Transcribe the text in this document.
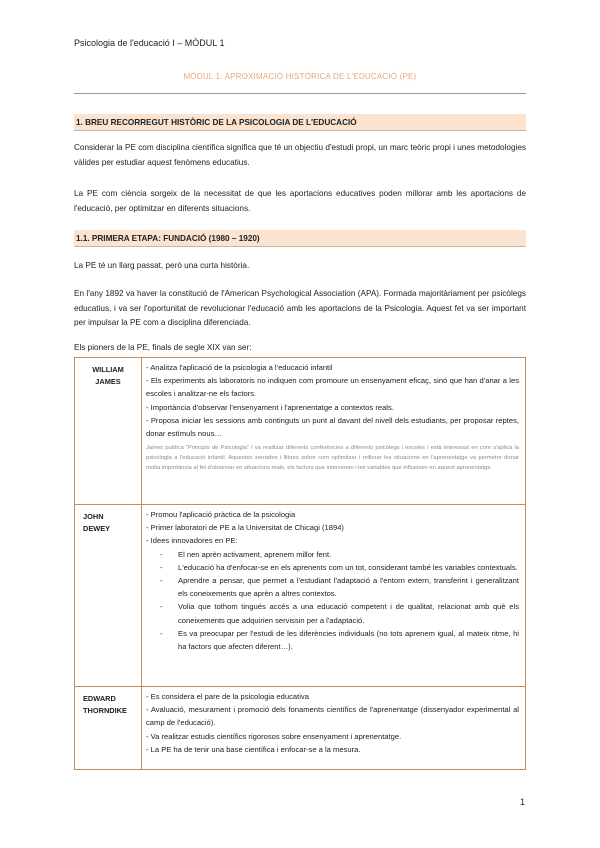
Psicologia de l'educació I – MÒDUL 1
MÒDUL 1: APROXIMACIÓ HISTÒRICA DE L'EDUCACIÓ (PE)
1. BREU RECORREGUT HISTÒRIC DE LA PSICOLOGIA DE L'EDUCACIÓ

Considerar la PE com disciplina científica significa que té un objectiu d'estudi propi, un marc teòric propi i unes metodologies vàlides per estudiar aquest fenòmens educatius.

La PE com ciència sorgeix de la necessitat de que les aportacions educatives poden millorar amb les aportacions de l'educació, per optimitzar en diferents situacions.

1.1. PRIMERA ETAPA: FUNDACIÓ (1980 – 1920)

La PE té un llarg passat, però una curta història.

En l'any 1892 va haver la constitució de l'American Psychological Association (APA). Formada majoritàriament per psicòlegs educatius, i va ser l'oportunitat de revolucionar l'educació amb les aportacions de la Psicologia. Aquest fet va ser important per impulsar la PE com a disciplina diferenciada.

Els pioners de la PE, finals de segle XIX van ser:

WILLIAM
JAMES
- Analitza l'aplicació de la psicologia a l'educació infantil
- Els experiments als laboratoris no indiquen com promoure un ensenyament eficaç, sinó que han d'anar a les escoles i analitzar-ne els factors.
- Importància d'observar l'ensenyament i l'aprenentatge a contextos reals.
- Proposa iniciar les sessions amb continguts un punt al davant del nivell dels estudiants, per proposar reptes, donar estímuls nous…
James publica “Principis de Psicologia” i va realitzar diferents conferències a diferents psicòlegs i escoles i està interessat en com s'aplica la psicologia a l'educació infantil. Aquestes xerrades i llibres sobre com optimitzar i millorar les situacions en l'aprenentatge va permetre donar molta importància al fet d'observar en situacions reals, els factors que intervenen i les variables que influeixen en aquest aprenentatge.
JOHN
DEWEY
- Promou l'aplicació pràctica de la psicologia
- Primer laboratori de PE a la Universitat de Chicagi (1894)
- Idees innovadores en PE:
- El nen aprèn activament, aprenem millor fent.
- L'educació ha d'enfocar-se en els aprenents com un tot, considerant també les variables contextuals.
- Aprendre a pensar, que permet a l'estudiant l'adaptació a l'entorn extern, transferint i generalitzant els coneixements que aprèn a altres contextos.
- Volia que tothom tingués accés a una educació competent i de qualitat, relacionat amb què els coneixements que adquirien servissin per a l'adaptació.
- Es va preocupar per l'estudi de les diferències individuals (no tots aprenem igual, al mateix ritme, hi ha factors que afecten diferent…).
EDWARD
THORNDIKE
- Es considera el pare de la psicologia educativa
- Avaluació, mesurament i promoció dels fonaments científics de l'aprenentatge (dissenyador experimental al camp de l'educació).
- Va realitzar estudis científics rigorosos sobre ensenyament i aprenentatge.
- La PE ha de tenir una base científica i enfocar-se a la mesura.
1
